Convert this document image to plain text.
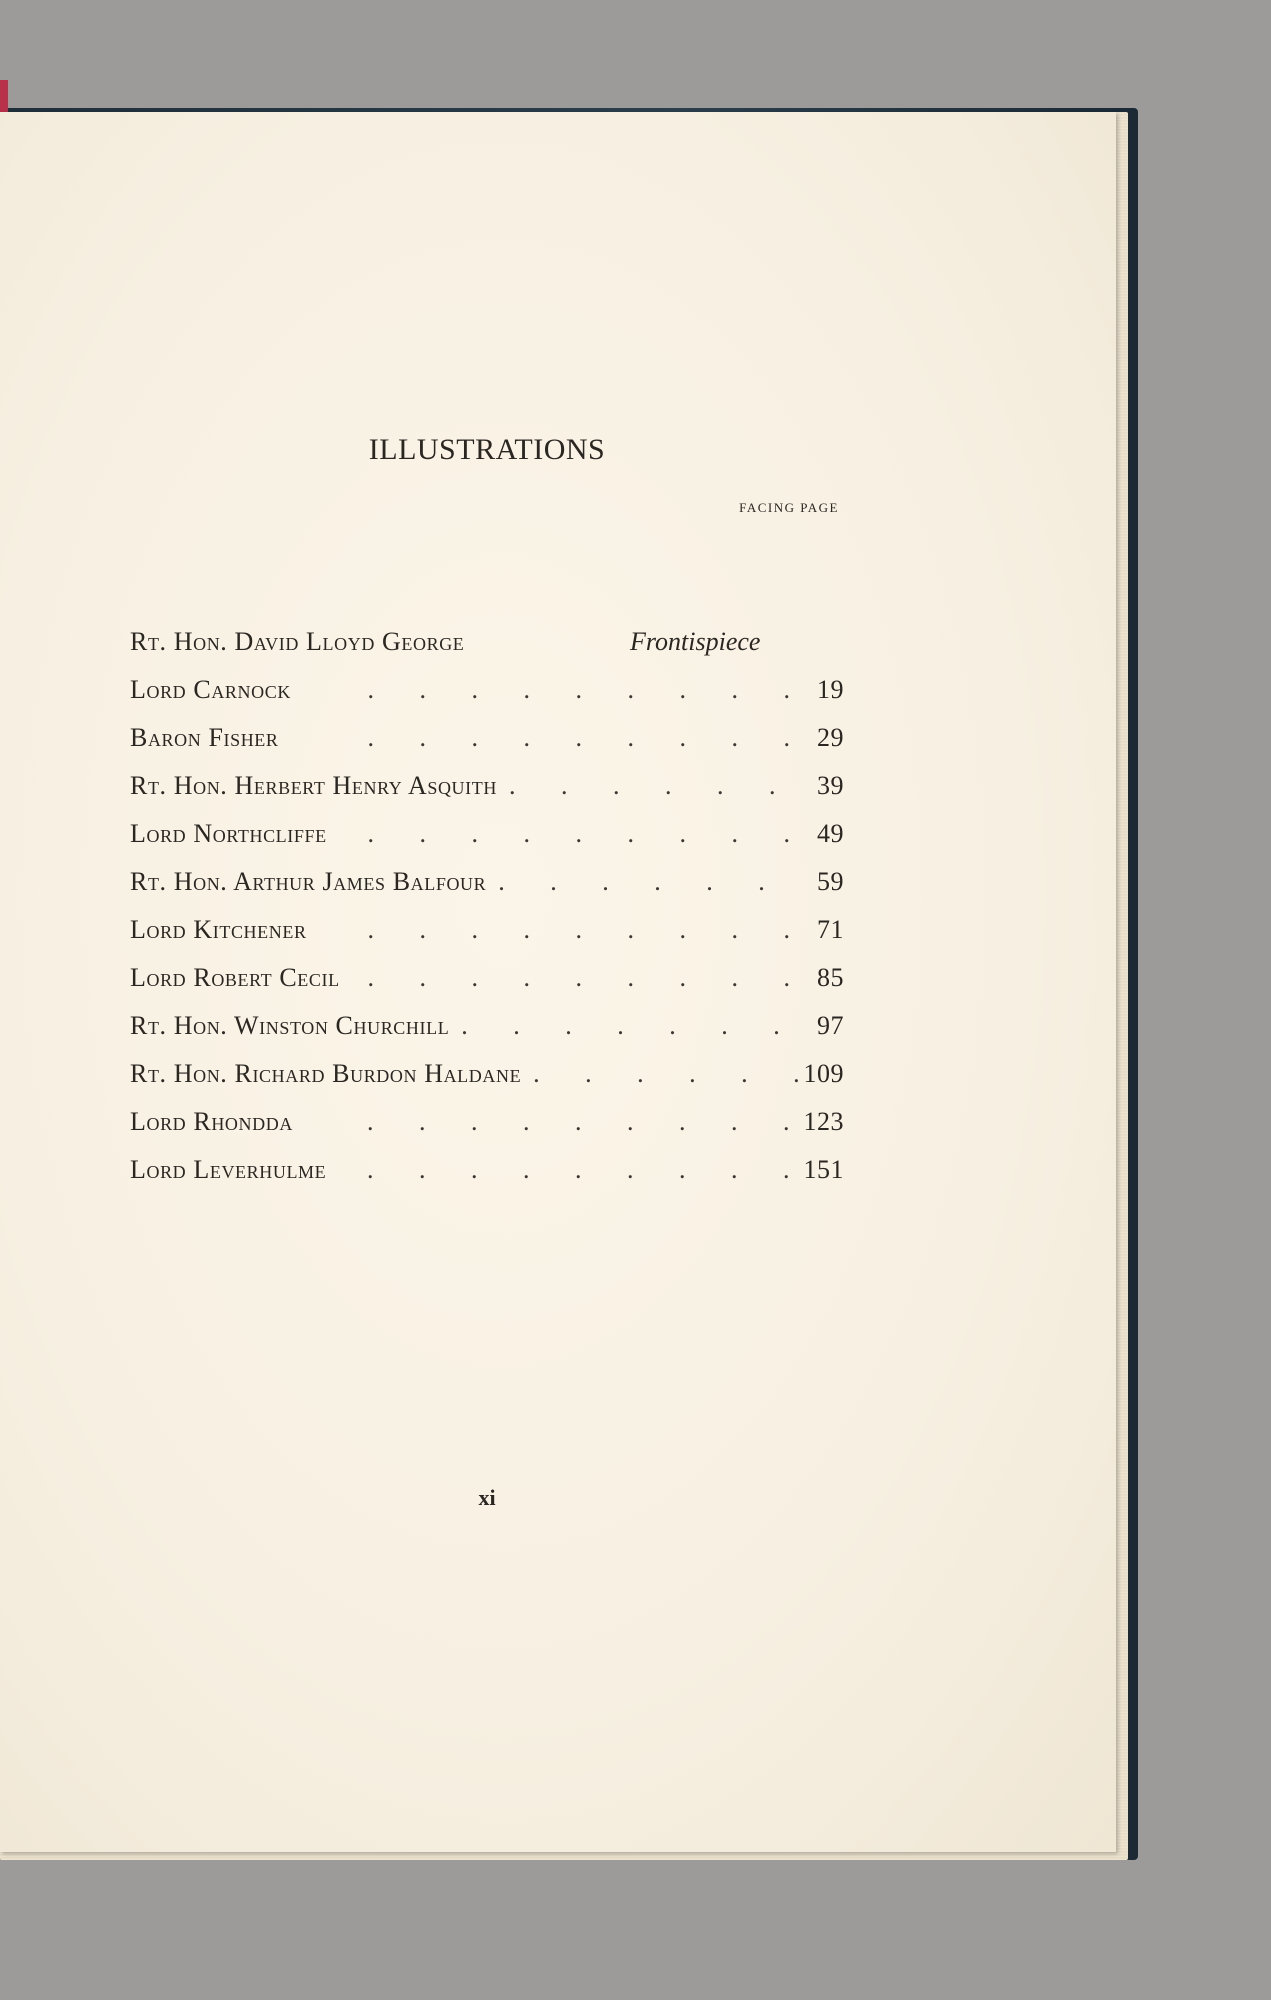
ILLUSTRATIONS
FACING PAGE
Rt. Hon. David Lloyd George	Frontispiece
Lord Carnock .	19
Baron Fisher .	29
Rt. Hon. Herbert Henry Asquith .	39
Lord Northcliffe .	49
Rt. Hon. Arthur James Balfour .	59
Lord Kitchener .	71
Lord Robert Cecil .	85
Rt. Hon. Winston Churchill .	97
Rt. Hon. Richard Burdon Haldane .	109
Lord Rhondda .	123
Lord Leverhulme .	151
xi
